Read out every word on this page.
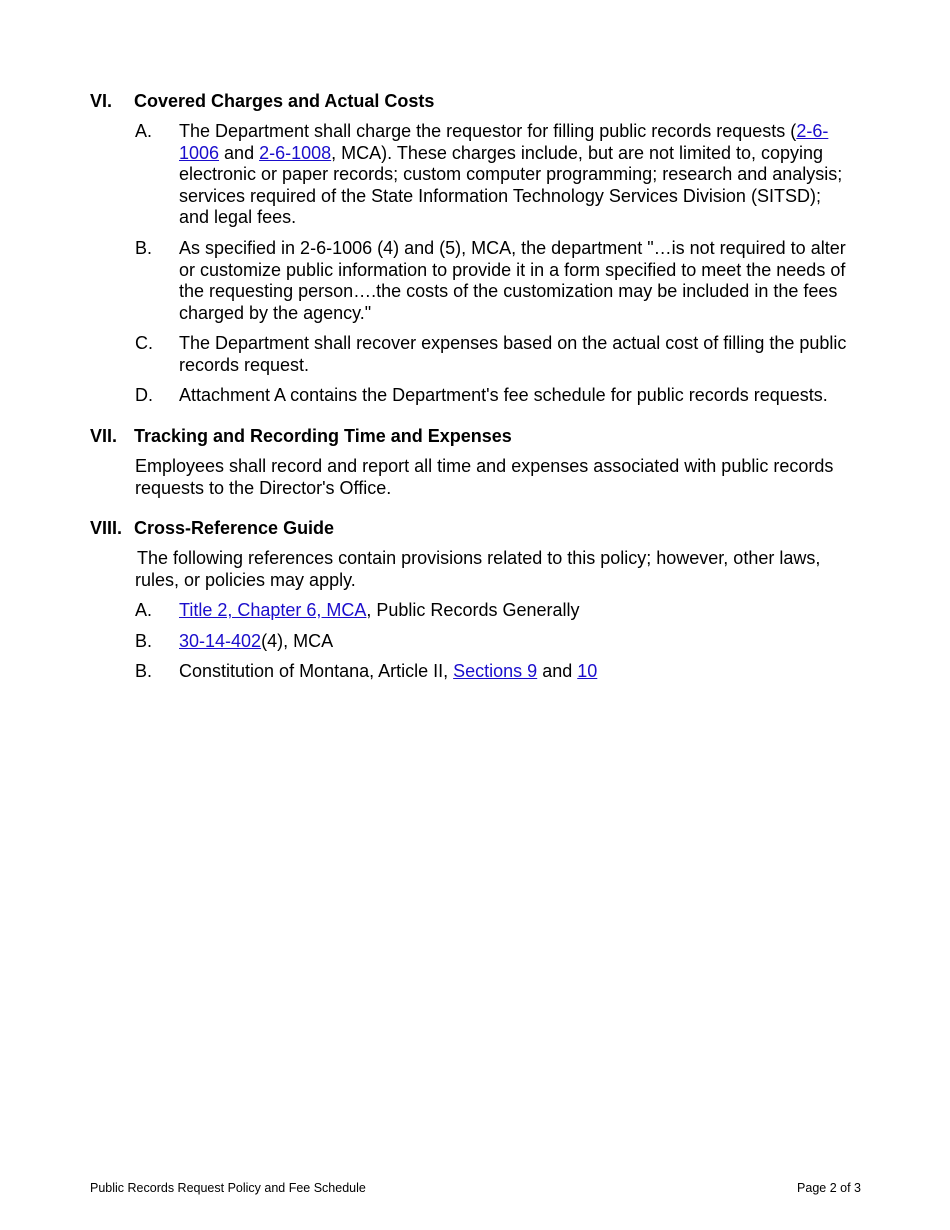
VI.	Covered Charges and Actual Costs
A.	The Department shall charge the requestor for filling public records requests (2-6-1006 and 2-6-1008, MCA). These charges include, but are not limited to, copying electronic or paper records; custom computer programming; research and analysis; services required of the State Information Technology Services Division (SITSD); and legal fees.
B.	As specified in 2-6-1006 (4) and (5), MCA, the department "…is not required to alter or customize public information to provide it in a form specified to meet the needs of the requesting person….the costs of the customization may be included in the fees charged by the agency."
C.	The Department shall recover expenses based on the actual cost of filling the public records request.
D.	Attachment A contains the Department's fee schedule for public records requests.
VII. Tracking and Recording Time and Expenses
Employees shall record and report all time and expenses associated with public records requests to the Director's Office.
VIII. Cross-Reference Guide
The following references contain provisions related to this policy; however, other laws, rules, or policies may apply.
A.	Title 2, Chapter 6, MCA, Public Records Generally
B.	30-14-402(4), MCA
B.	Constitution of Montana, Article II, Sections 9 and 10
Public Records Request Policy and Fee Schedule	Page 2 of 3
